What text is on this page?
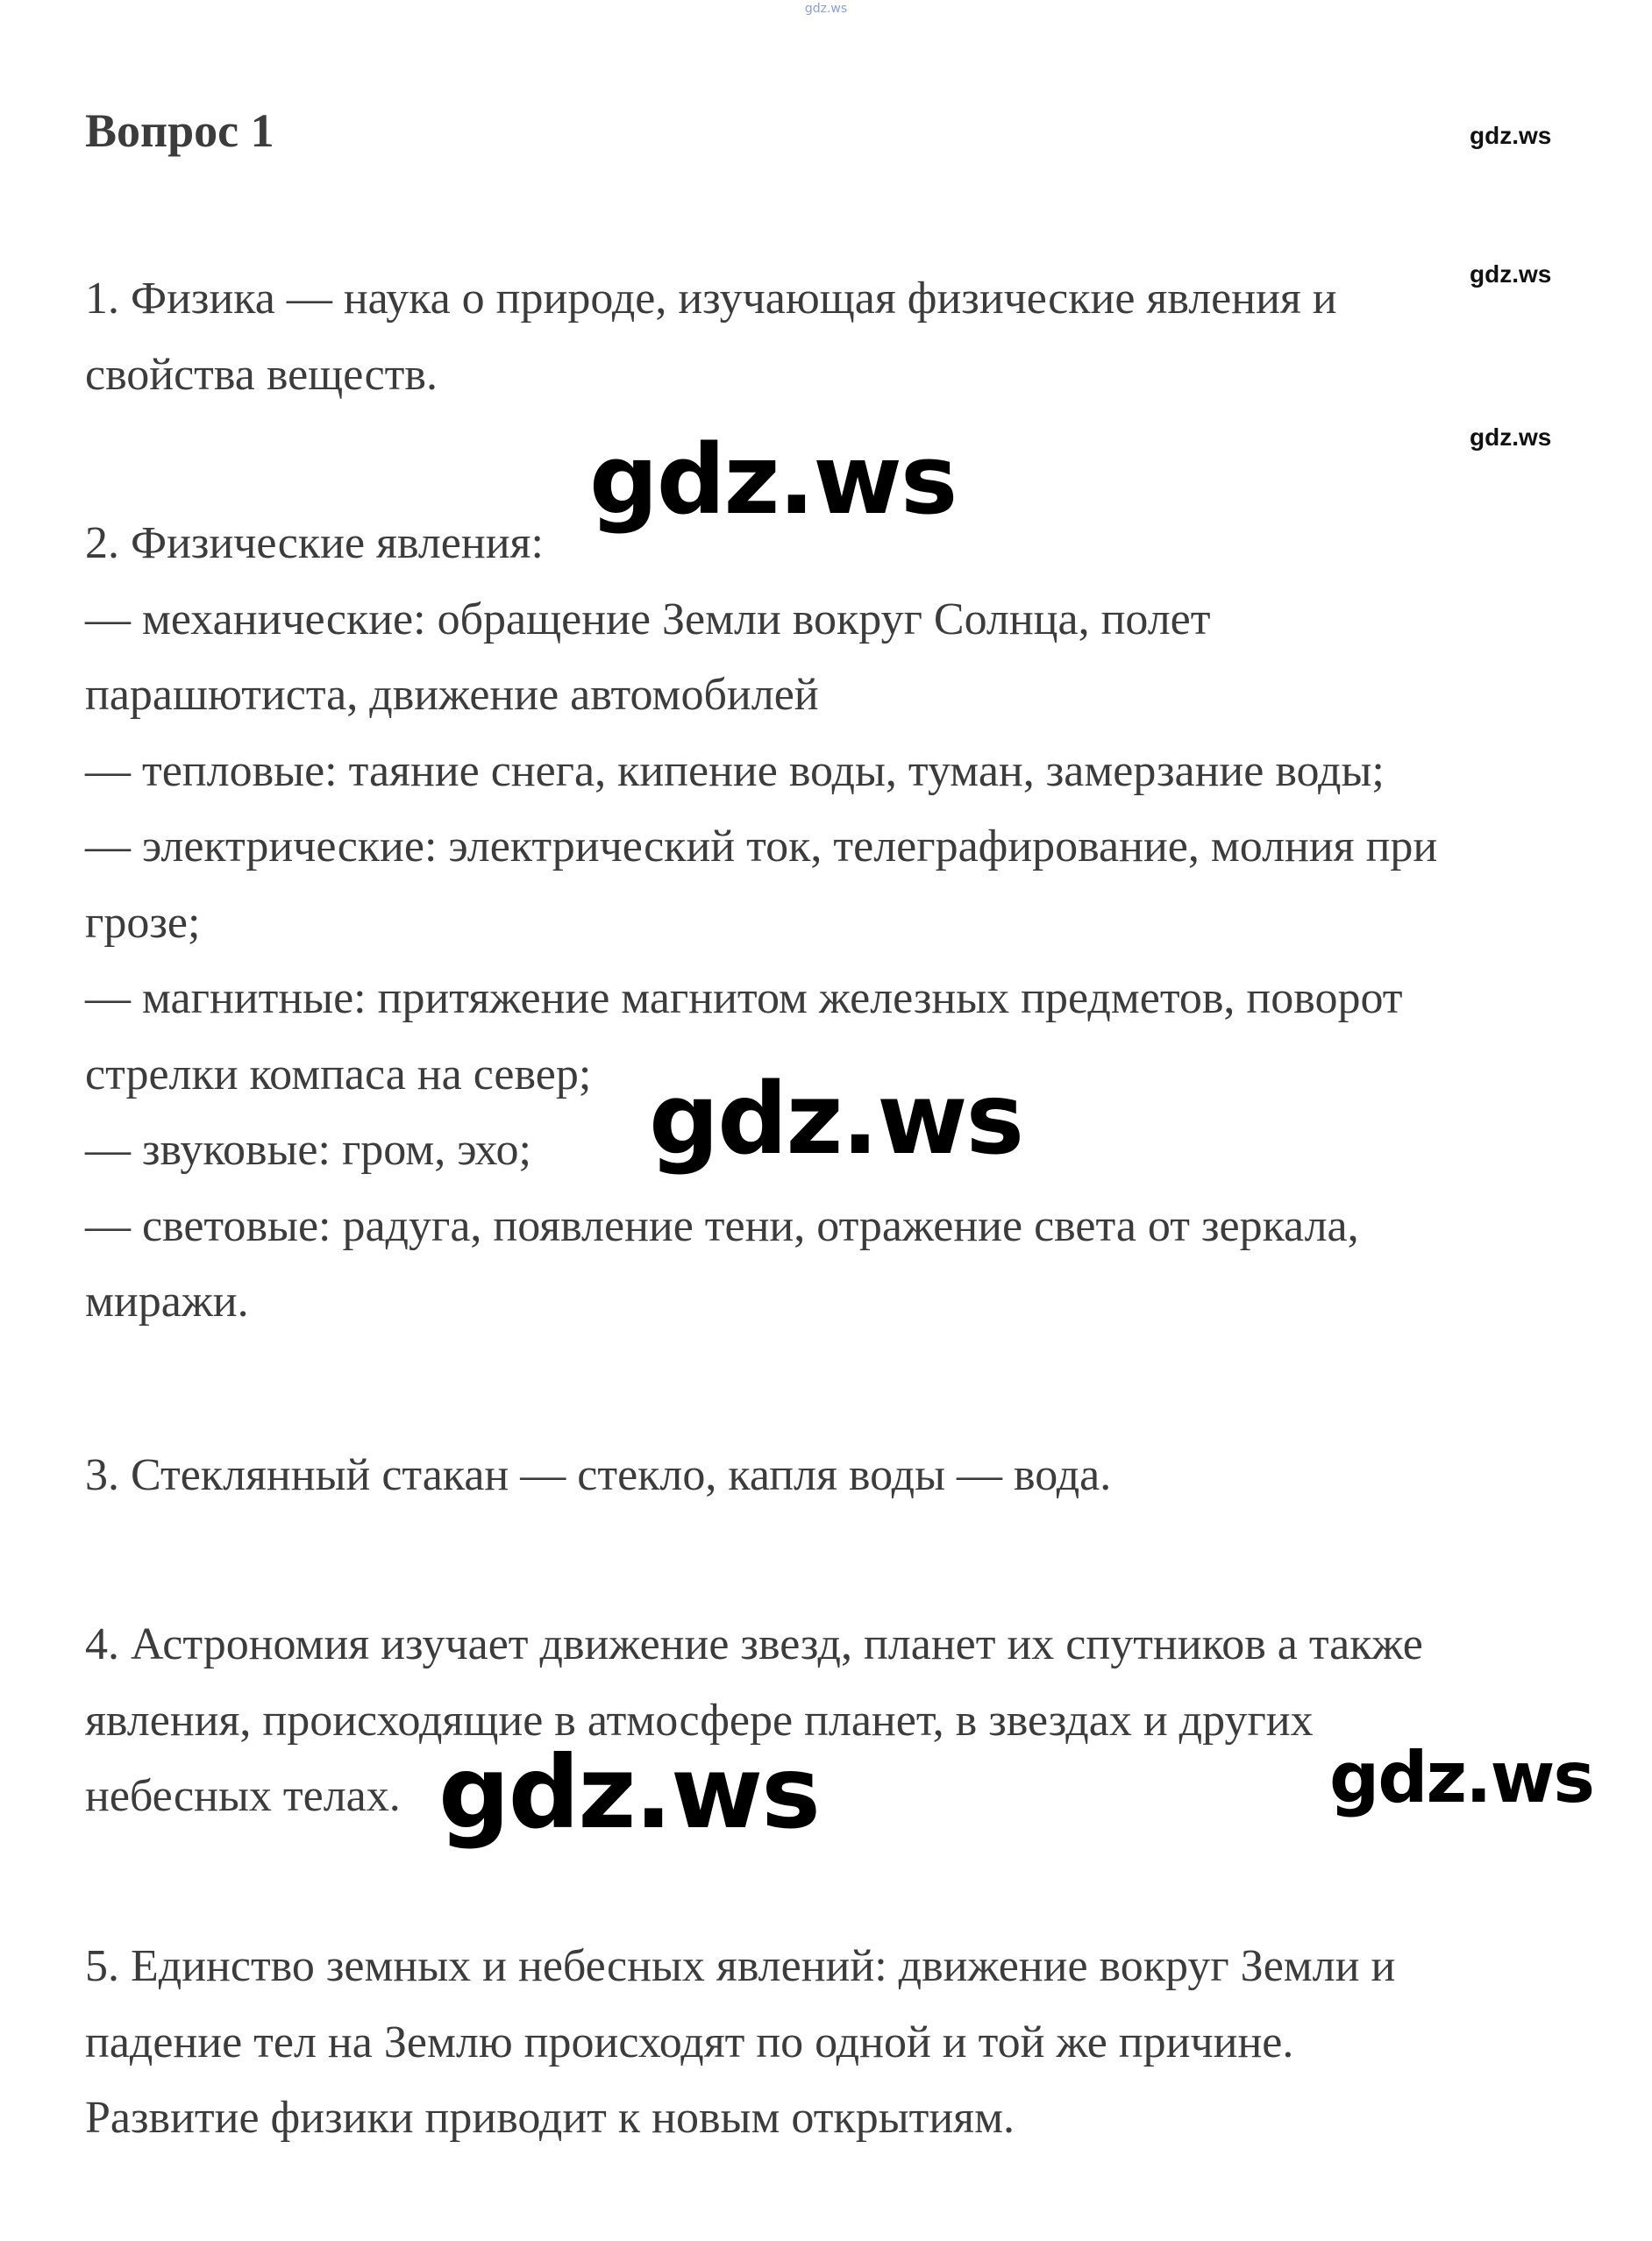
gdz.ws
Вопрос 1
1. Физика — наука о природе, изучающая физические явления и
свойства веществ.
2. Физические явления:
— механические: обращение Земли вокруг Солнца, полет
парашютиста, движение автомобилей
— тепловые: таяние снега, кипение воды, туман, замерзание воды;
— электрические: электрический ток, телеграфирование, молния при
грозе;
— магнитные: притяжение магнитом железных предметов, поворот
стрелки компаса на север;
— звуковые: гром, эхо;
— световые: радуга, появление тени, отражение света от зеркала,
миражи.
3. Стеклянный стакан — стекло, капля воды — вода.
4. Астрономия изучает движение звезд, планет их спутников а также
явления, происходящие в атмосфере планет, в звездах и других
небесных телах.
5. Единство земных и небесных явлений: движение вокруг Земли и
падение тел на Землю происходят по одной и той же причине.
Развитие физики приводит к новым открытиям.
gdz.ws
gdz.ws
gdz.ws
gdz.ws
gdz.ws
gdz.ws	gdz.ws
